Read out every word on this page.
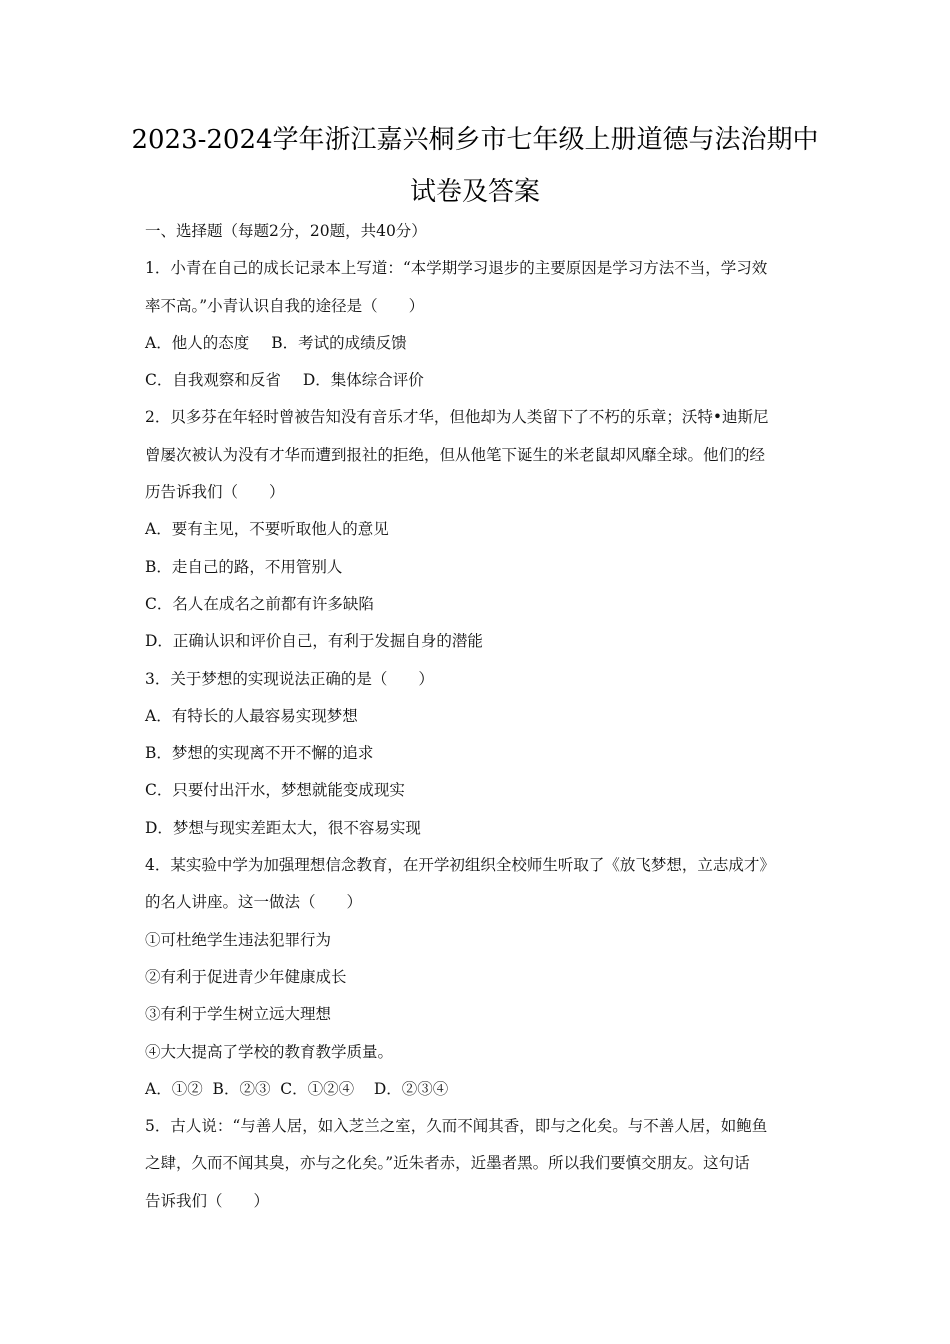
2023-2024学年浙江嘉兴桐乡市七年级上册道德与法治期中
试卷及答案
一、选择题（每题2分，20题，共40分）
1．小青在自己的成长记录本上写道：“本学期学习退步的主要原因是学习方法不当，学习效
率不高。”小青认识自我的途径是（　　）
A．他人的态度 B．考试的成绩反馈
C．自我观察和反省 D．集体综合评价
2．贝多芬在年轻时曾被告知没有音乐才华，但他却为人类留下了不朽的乐章；沃特•迪斯尼
曾屡次被认为没有才华而遭到报社的拒绝，但从他笔下诞生的米老鼠却风靡全球。他们的经
历告诉我们（　　）
A．要有主见，不要听取他人的意见
B．走自己的路，不用管别人
C．名人在成名之前都有许多缺陷
D．正确认识和评价自己，有利于发掘自身的潜能
3．关于梦想的实现说法正确的是（　　）
A．有特长的人最容易实现梦想
B．梦想的实现离不开不懈的追求
C．只要付出汗水，梦想就能变成现实
D．梦想与现实差距太大，很不容易实现
4．某实验中学为加强理想信念教育，在开学初组织全校师生听取了《放飞梦想，立志成才》
的名人讲座。这一做法（　　）
①可杜绝学生违法犯罪行为
②有利于促进青少年健康成长
③有利于学生树立远大理想
④大大提高了学校的教育教学质量。
A．①②  B．②③  C．①②④    D．②③④
5．古人说：“与善人居，如入芝兰之室，久而不闻其香，即与之化矣。与不善人居，如鲍鱼
之肆，久而不闻其臭，亦与之化矣。”近朱者赤，近墨者黑。所以我们要慎交朋友。这句话
告诉我们（　　）
